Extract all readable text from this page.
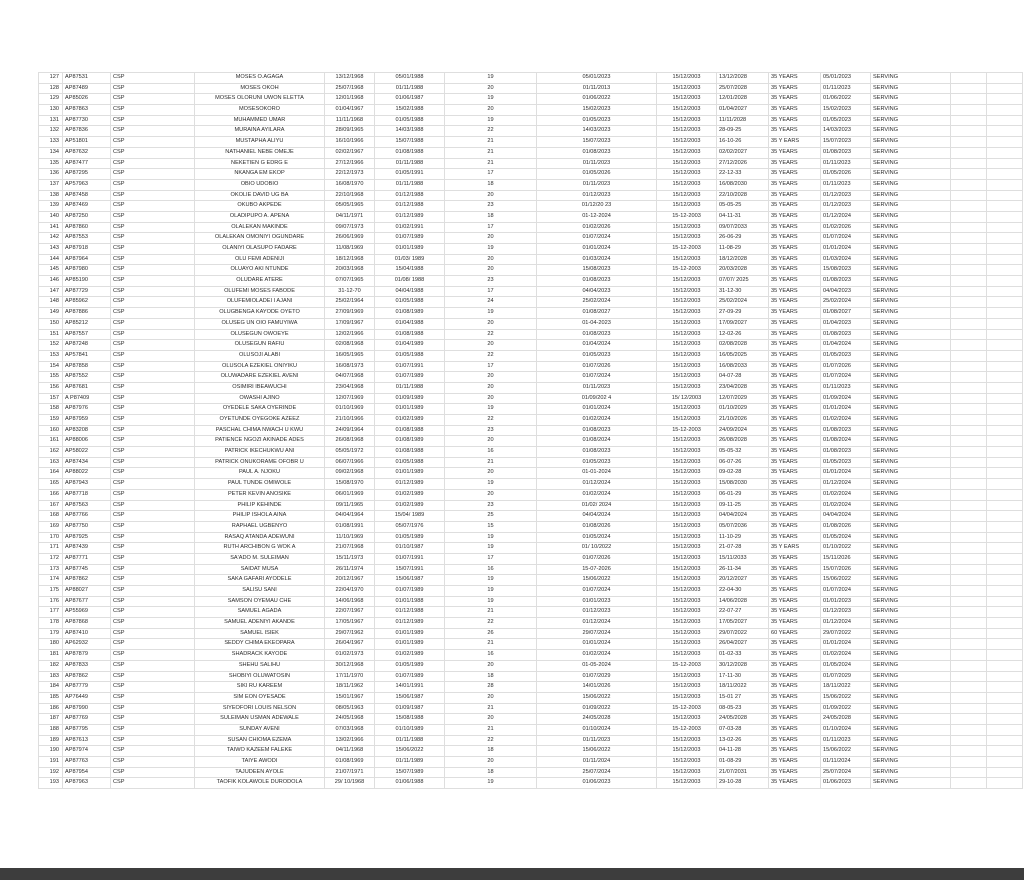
127	AP87531	CSP	MOSES O.AGAGA	13/12/1968	05/01/1988	19	05/01/2023	15/12/2003	13/12/2028	35 YEARS	05/01/2023	SERVING		
128	AP87489	CSP	MOSES OKOH	25/07/1968	01/11/1988	20	01/11/2013	15/12/2003	25/07/2028	35 YEARS	01/11/2023	SERVING		
129	AP85026	CSP	MOSES OLORUNI UWON ELETTA	12/01/1968	01/06/1987	19	01/06/2022	15/12/2003	12/01/2028	35 YEARS	01/06/2022	SERVING		
130	AP87863	CSP	MOSESOKORO	01/04/1967	15/02/1988	20	15/02/2023	15/12/2003	01/04/2027	35 YEARS	15/02/2023	SERVING		
131	AP87730	CSP	MUHAMMED UMAR	11/11/1968	01/05/1988	19	01/05/2023	15/12/2003	11/11/2028	35 YEARS	01/05/2023	SERVING		
132	AP87836	CSP	MURAINA AYILARA	28/09/1965	14/03/1988	22	14/03/2023	15/12/2003	28-09-25	35 YEARS	14/03/2023	SERVING		
133	AP51801	CSP	MUSTAPHA ALIYU	16/10/1966	15/07/1988	21	15/07/2023	15/12/2003	16-10-26	35 Y EARS	15/07/2023	SERVING		
134	AP87632	CSP	NATHANIEL NEBE OMEJE	02/02/1967	01/08/1988	21	01/08/2023	15/12/2003	02/02/2027	35 YEARS	01/08/2023	SERVING		
135	AP87477	CSP	NEKETIEN G EDRG E	27/12/1966	01/11/1988	21	01/11/2023	15/12/2003	27/12/2026	35 YEARS	01/11/2023	SERVING		
136	AP87295	CSP	NKANGA EM EKOP	22/12/1973	01/05/1991	17	01/05/2026	15/12/2003	22-12-33	35 YEARS	01/05/2026	SERVING		
137	AP57963	CSP	OBIO UDOBIO	16/08/1970	01/11/1988	18	01/11/2023	15/12/2003	16/08/2030	35 YEARS	01/11/2023	SERVING		
138	AP87458	CSP	OKOLIE DAVID UG BA	22/10/1968	01/12/1988	20	01/12/2023	15/12/2003	22/10/2028	35 YEARS	01/12/2023	SERVING		
139	AP87469	CSP	OKUBO AKPEDE	05/05/1965	01/12/1988	23	01/12/20 23	15/12/2003	05-05-25	35 YEARS	01/12/2023	SERVING		
140	AP87250	CSP	OLADIPUPO A. APENA	04/11/1971	01/12/1989	18	01-12-2024	15-12-2003	04-11-31	35 YEARS	01/12/2024	SERVING		
141	AP87860	CSP	OLALEKAN MAKINDE	09/07/1973	01/02/1991	17	01/02/2026	15/12/2003	09/07/2033	35 YEARS	01/02/2026	SERVING		
142	AP87553	CSP	OLALEKAN OMONIYI OGUNDARE	26/06/1969	01/07/1989	20	01/07/2024	15/12/2003	26-06-29	35 YEARS	01/07/2024	SERVING		
143	AP87918	CSP	OLANIYI OLASUPO FADARE	11/08/1969	01/01/1989	19	01/01/2024	15-12-2003	11-08-29	35 YEARS	01/01/2024	SERVING		
144	AP87964	CSP	OLU FEMI ADENIJI	18/12/1968	01/03/ 1989	20	01/03/2024	15/12/2003	18/12/2028	35 YEARS	01/03/2024	SERVING		
145	AP87980	CSP	OLUAYO AKI NTUNDE	20/03/1968	15/04/1988	20	15/08/2023	15-12-2003	20/03/2028	35 YEARS	15/08/2023	SERVING		
146	AP85190	CSP	OLUDARE ATERE	07/07/1965	01/08/ 1988	23	01/08/2023	15/12/2003	07/07/ 2025	35 YEARS	01/08/2023	SERVING		
147	AP87729	CSP	OLUFEMI MOSES FABODE	31-12-70	04/04/1988	17	04/04/2023	15/12/2003	31-12-30	35 YEARS	04/04/2023	SERVING		
148	AP85962	CSP	OLUFEMIOLADEI I AJANI	25/02/1964	01/05/1988	24	25/02/2024	15/12/2003	25/02/2024	35 YEARS	25/02/2024	SERVING		
149	AP87886	CSP	OLUGBENGA KAYODE OYETO	27/09/1969	01/08/1989	19	01/08/2027	15/12/2003	27-09-29	35 YEARS	01/08/2027	SERVING		
150	AP85212	CSP	OLUSEG UN OIO FAMUYIWA	17/09/1967	01/04/1988	20	01-04-2023	15/12/2003	17/09/2027	35 YEARS	01/04/2023	SERVING		
151	AP87557	CSP	OLUSEGUN OWOEYE	12/02/1966	01/08/1988	22	01/08/2023	15/12/2003	12-02-26	35 YEARS	01/08/2023	SERVING		
152	AP87248	CSP	OLUSEGUN RAFIU	02/08/1968	01/04/1989	20	01/04/2024	15/12/2003	02/08/2028	35 YEARS	01/04/2024	SERVING		
153	AP57841	CSP	OLUSOJI ALABI	16/05/1965	01/05/1988	22	01/05/2023	15/12/2003	16/05/2025	35 YEARS	01/05/2023	SERVING		
154	AP87858	CSP	OLUSOLA EZEKIEL ONIYIKU	16/08/1973	01/07/1991	17	01/07/2026	15/12/2003	16/08/2033	35 YEARS	01/07/2026	SERVING		
155	AP87552	CSP	OLUWADARE EZEKIEL AVENI	04/07/1968	01/07/1989	20	01/07/2024	15/12/2003	04-07-28	35 YEARS	01/07/2024	SERVING		
156	AP87681	CSP	OSIMIRI IBEAWUCHI	23/04/1968	01/11/1988	20	01/11/2023	15/12/2003	23/04/2028	35 YEARS	01/11/2023	SERVING		
157	A P87409	CSP	OWASHI AJINO	12/07/1969	01/09/1989	20	01/09/202 4	15/ 12/2003	12/07/2029	35 YEARS	01/09/2024	SERVING		
158	AP87976	CSP	OYEDELE SAKA OYERINDE	01/10/1969	01/01/1989	19	01/01/2024	15/12/2003	01/10/2029	35 YEARS	01/01/2024	SERVING		
159	AP87959	CSP	OYETUNDE OYEGOKE AZEEZ	21/10/1966	01/02/1989	22	01/02/2024	15/12/2003	21/10/2026	35 YEARS	01/02/2024	SERVING		
160	AP83208	CSP	PASCHAL CHIMA NWACH U KWU	24/09/1964	01/08/1988	23	01/08/2023	15-12-2003	24/09/2024	35 YEARS	01/08/2023	SERVING		
161	AP88006	CSP	PATIENCE NGOZI AKINADE ADES	26/08/1968	01/08/1989	20	01/08/2024	15/12/2003	26/08/2028	35 YEARS	01/08/2024	SERVING		
162	AP58022	CSP	PATRICK IKECHUKWU ANI	05/05/1972	01/08/1988	16	01/08/2023	15/12/2003	05-05-32	35 YEARS	01/08/2023	SERVING		
163	AP87434	CSP	PATRICK ONUKORAME OFOBR U	06/07/1966	01/05/1988	21	01/05/2023	15/12/2003	06-07-26	35 YEARS	01/05/2023	SERVING		
164	AP88022	CSP	PAUL A. NJOKU	09/02/1968	01/01/1989	20	01-01-2024	15/12/2003	09-02-28	35 YEARS	01/01/2024	SERVING		
165	AP87943	CSP	PAUL TUNDE OMIWOLE	15/08/1970	01/12/1989	19	01/12/2024	15/12/2003	15/08/2030	35 YEARS	01/12/2024	SERVING		
166	AP87718	CSP	PETER KEVIN ANOSIKE	06/01/1969	01/02/1989	20	01/02/2024	15/12/2003	06-01-29	35 YEARS	01/02/2024	SERVING		
167	AP87563	CSP	PHILIP KEHINDE	09/11/1965	01/02/1989	23	01/02/ 2024	15/12/2003	09-11-25	35 YEARS	01/02/2024	SERVING		
168	AP87766	CSP	PHILIP ISHOLA AINA	04/04/1964	15/04/ 1989	25	04/04/2024	15/12/2003	04/04/2024	35 YEARS	04/04/2024	SERVING		
169	AP87750	CSP	RAPHAEL UGBENYO	01/08/1991	05/07/1976	15	01/08/2026	15/12/2003	05/07/2036	35 YEARS	01/08/2026	SERVING		
170	AP87925	CSP	RASAQ ATANDA ADEWUNI	11/10/1969	01/05/1989	19	01/05/2024	15/12/2003	11-10-29	35 YEARS	01/05/2024	SERVING		
171	AP87439	CSP	RUTH ARCHIBON G WOK A	21/07/1968	01/10/1987	19	01/ 10/2022	15/12/2003	21-07-28	35 Y EARS	01/10/2022	SERVING		
172	AP87771	CSP	SA'ADO M. SULEIMAN	15/11/1973	01/07/1991	17	01/07/2026	15/12/2003	15/11/2033	35 YEARS	15/11/2026	SERVING		
173	AP87745	CSP	SAIDAT MUSA	26/11/1974	15/07/1991	16	15-07-2026	15/12/2003	26-11-34	35 YEARS	15/07/2026	SERVING		
174	AP87862	CSP	SAKA GAFARI AYODELE	20/12/1967	15/06/1987	19	15/06/2022	15/12/2003	20/12/2027	35 YEARS	15/06/2022	SERVING		
175	AP88027	CSP	SALISU SANI	22/04/1970	01/07/1989	19	01/07/2024	15/12/2003	22-04-30	35 YEARS	01/07/2024	SERVING		
176	AP87677	CSP	SAMSON OYEMAU CHE	14/06/1968	01/01/1988	19	01/01/2023	15/12/2003	14/06/2028	35 YEARS	01/01/2023	SERVING		
177	AP55969	CSP	SAMUEL AGADA	22/07/1967	01/12/1988	21	01/12/2023	15/12/2003	22-07-27	35 YEARS	01/12/2023	SERVING		
178	AP87868	CSP	SAMUEL ADENIYI AKANDE	17/05/1967	01/12/1989	22	01/12/2024	15/12/2003	17/05/2027	35 YEARS	01/12/2024	SERVING		
179	AP87410	CSP	SAMUEL ISIEK	29/07/1962	01/01/1989	26	29/07/2024	15/12/2003	29/07/2022	60 YEARS	29/07/2022	SERVING		
180	AP62932	CSP	SEDDY CHIMA EKEOPARA	26/04/1967	01/01/1989	21	01/01/2024	15/12/2003	26/04/2027	35 YEARS	01/01/2024	SERVING		
181	AP87879	CSP	SHADRACK KAYODE	01/02/1973	01/02/1989	16	01/02/2024	15/12/2003	01-02-33	35 YEARS	01/02/2024	SERVING		
182	AP87833	CSP	SHEHU SALIHU	30/12/1968	01/05/1989	20	01-05-2024	15-12-2003	30/12/2028	35 YEARS	01/05/2024	SERVING		
183	AP87862	CSP	SHOBIYI OLUWATOSIN	17/11/1970	01/07/1989	18	01/07/2029	15/12/2003	17-11-30	35 YEARS	01/07/2029	SERVING		
184	AP87779	CSP	SIKI RU KAREEM	18/11/1962	14/01/1991	28	14/01/2026	15/12/2003	18/11/2022	35 YEARS	18/11/2022	SERVING		
185	AP76449	CSP	SIM EON OYESADE	15/01/1967	15/06/1987	20	15/06/2022	15/12/2003	15-01 27	35 YEARS	15/06/2022	SERVING		
186	AP87990	CSP	SIYEOFORI LOUIS NELSON	08/05/1963	01/09/1987	21	01/09/2022	15-12-2003	08-05-23	35 YEARS	01/09/2022	SERVING		
187	AP87769	CSP	SULEIMAN USMAN ADEWALE	24/05/1968	15/08/1988	20	24/05/2028	15/12/2003	24/05/2028	35 YEARS	24/05/2028	SERVING		
188	AP87795	CSP	SUNDAY AVENI	07/03/1968	01/10/1989	21	01/10/2024	15-12-2003	07-03-28	35 YEARS	01/10/2024	SERVING		
189	AP87613	CSP	SUSAN CHIOMA EZEMA	13/02/1966	01/11/1988	22	01/11/2023	15/12/2003	13-02-26	35 YEARS	01/11/2023	SERVING		
190	AP87974	CSP	TAIWO KAZEEM FALEKE	04/11/1968	15/06/2022	18	15/06/2022	15/12/2003	04-11-28	35 YEARS	15/06/2022	SERVING		
191	AP87763	CSP	TAIYE AWODI	01/08/1969	01/11/1989	20	01/11/2024	15/12/2003	01-08-29	35 YEARS	01/11/2024	SERVING		
192	AP87954	CSP	TAJUDEEN AYOLE	21/07/1971	15/07/1989	18	25/07/2024	15/12/2003	21/07/2031	35 YEARS	25/07/2024	SERVING		
193	AP87963	CSP	TAOFIK KOLAWOLE DURODOLA	29/ 10/1968	01/06/1988	19	01/06/2023	15/12/2003	29-10-28	35 YEARS	01/06/2023	SERVING		
